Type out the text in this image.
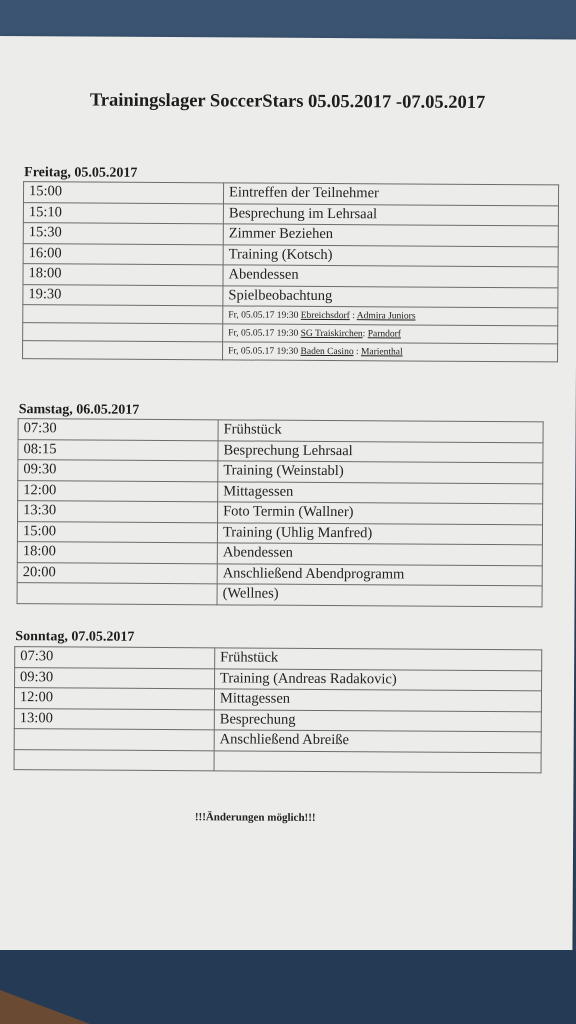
Trainingslager SoccerStars 05.05.2017 -07.05.2017

Freitag, 05.05.2017

15:00	Eintreffen der Teilnehmer
15:10	Besprechung im Lehrsaal
15:30	Zimmer Beziehen
16:00	Training (Kotsch)
18:00	Abendessen
19:30	Spielbeobachtung
	Fr, 05.05.17 19:30 Ebreichsdorf : Admira Juniors
	Fr, 05.05.17 19:30 SG Traiskirchen: Parndorf
	Fr, 05.05.17 19:30 Baden Casino : Marienthal

Samstag, 06.05.2017

07:30	Frühstück
08:15	Besprechung Lehrsaal
09:30	Training (Weinstabl)
12:00	Mittagessen
13:30	Foto Termin (Wallner)
15:00	Training (Uhlig Manfred)
18:00	Abendessen
20:00	Anschließend Abendprogramm
	(Wellnes)

Sonntag, 07.05.2017

07:30	Frühstück
09:30	Training (Andreas Radakovic)
12:00	Mittagessen
13:00	Besprechung
	Anschließend Abreiße

!!!Änderungen möglich!!!
